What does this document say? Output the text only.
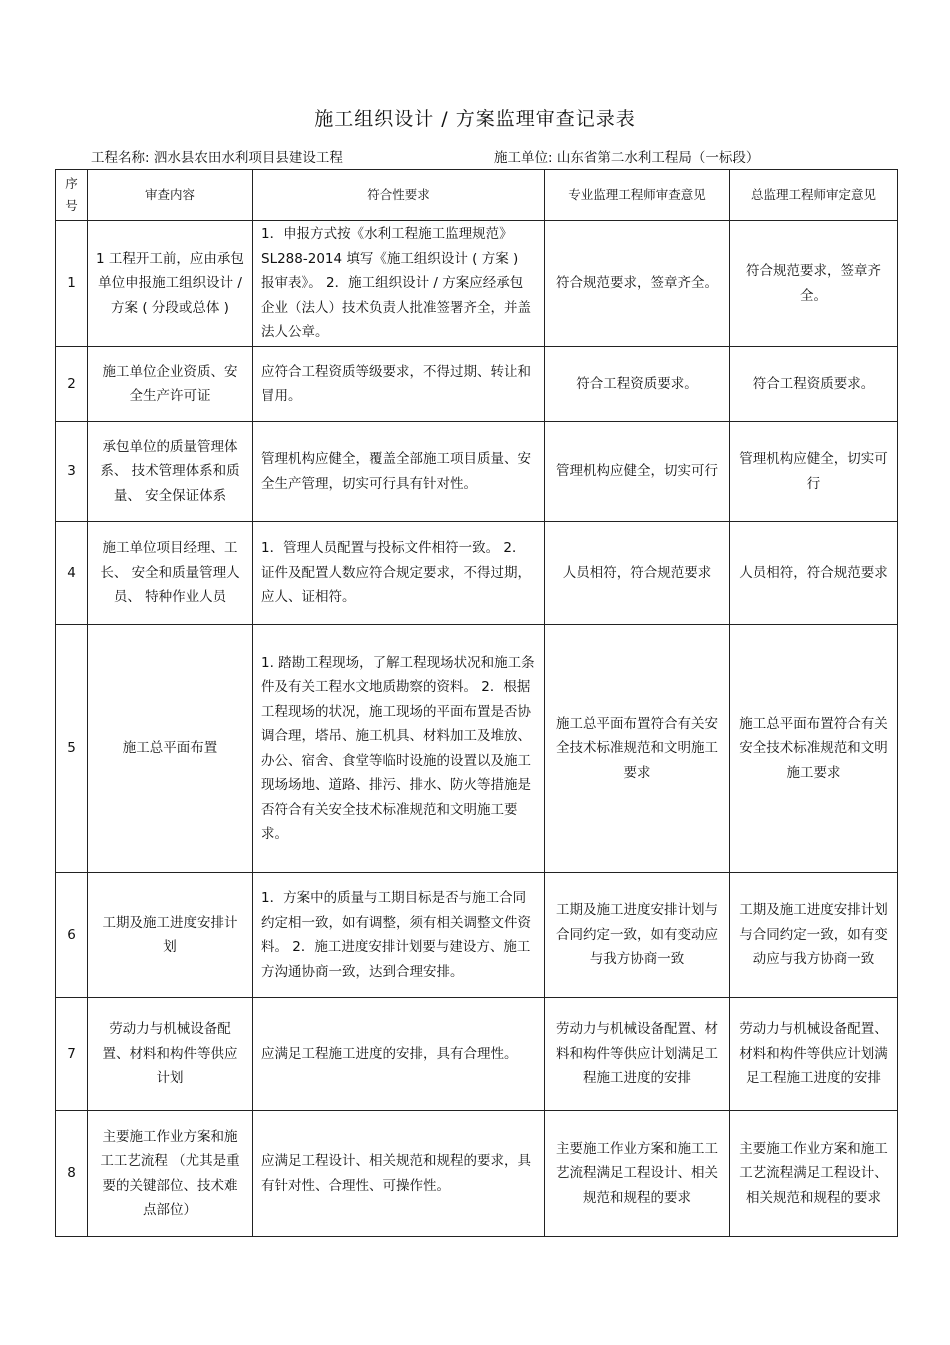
施工组织设计 / 方案监理审查记录表
工程名称: 泗水县农田水利项目县建设工程	施工单位: 山东省第二水利工程局（一标段）
序号	审查内容	符合性要求	专业监理工程师审查意见	总监理工程师审定意见
1	1 工程开工前，应由承包单位申报施工组织设计 / 方案 ( 分段或总体 )	1．申报方式按《水利工程施工监理规范》 SL288-2014 填写《施工组织设计 ( 方案 ) 报审表》。 2．施工组织设计 / 方案应经承包企业（法人）技术负责人批准签署齐全，并盖法人公章。	符合规范要求，签章齐全。	符合规范要求，签章齐全。
2	施工单位企业资质、安全生产许可证	应符合工程资质等级要求，不得过期、转让和冒用。	符合工程资质要求。	符合工程资质要求。
3	承包单位的质量管理体系、 技术管理体系和质量、 安全保证体系	管理机构应健全，覆盖全部施工项目质量、安全生产管理，切实可行具有针对性。	管理机构应健全，切实可行	管理机构应健全，切实可行
4	施工单位项目经理、工长、 安全和质量管理人员、 特种作业人员	1．管理人员配置与投标文件相符一致。 2．证件及配置人数应符合规定要求，不得过期，应人、证相符。	人员相符，符合规范要求	人员相符，符合规范要求
5	施工总平面布置	1. 踏勘工程现场，了解工程现场状况和施工条件及有关工程水文地质勘察的资料。 2．根据工程现场的状况，施工现场的平面布置是否协调合理，塔吊、施工机具、材料加工及堆放、办公、宿舍、食堂等临时设施的设置以及施工现场场地、道路、排污、排水、防火等措施是否符合有关安全技术标准规范和文明施工要求。	施工总平面布置符合有关安全技术标准规范和文明施工要求	施工总平面布置符合有关安全技术标准规范和文明施工要求
6	工期及施工进度安排计划	1．方案中的质量与工期目标是否与施工合同约定相一致，如有调整，须有相关调整文件资料。 2．施工进度安排计划要与建设方、施工方沟通协商一致，达到合理安排。	工期及施工进度安排计划与合同约定一致，如有变动应与我方协商一致	工期及施工进度安排计划与合同约定一致，如有变动应与我方协商一致
7	劳动力与机械设备配置、材料和构件等供应计划	应满足工程施工进度的安排，具有合理性。	劳动力与机械设备配置、材料和构件等供应计划满足工程施工进度的安排	劳动力与机械设备配置、材料和构件等供应计划满足工程施工进度的安排
8	主要施工作业方案和施工工艺流程 （尤其是重要的关键部位、技术难点部位）	应满足工程设计、相关规范和规程的要求，具有针对性、合理性、可操作性。	主要施工作业方案和施工工艺流程满足工程设计、相关规范和规程的要求	主要施工作业方案和施工工艺流程满足工程设计、相关规范和规程的要求
